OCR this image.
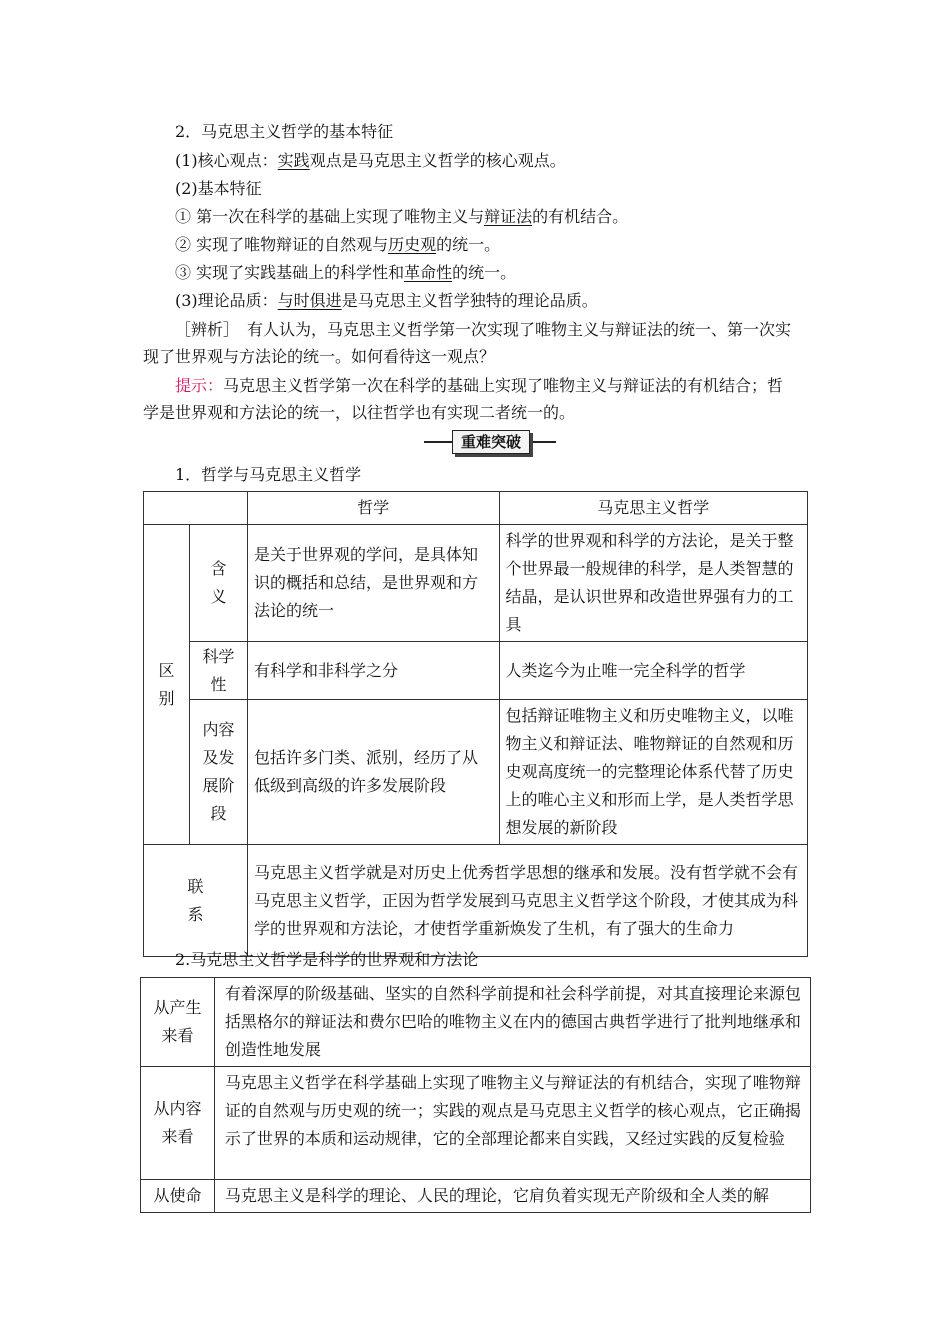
2．马克思主义哲学的基本特征
(1)核心观点：实践观点是马克思主义哲学的核心观点。
(2)基本特征
① 第一次在科学的基础上实现了唯物主义与辩证法的有机结合。
② 实现了唯物辩证的自然观与历史观的统一。
③ 实现了实践基础上的科学性和革命性的统一。
(3)理论品质：与时俱进是马克思主义哲学独特的理论品质。
［辨析］　有人认为，马克思主义哲学第一次实现了唯物主义与辩证法的统一、第一次实
现了世界观与方法论的统一。如何看待这一观点？
提示：马克思主义哲学第一次在科学的基础上实现了唯物主义与辩证法的有机结合；哲
学是世界观和方法论的统一，以往哲学也有实现二者统一的。
重难突破
1．哲学与马克思主义哲学
		哲学	马克思主义哲学
区别	含义	是关于世界观的学问，是具体知识的概括和总结，是世界观和方法论的统一	科学的世界观和科学的方法论，是关于整个世界最一般规律的科学，是人类智慧的结晶，是认识世界和改造世界强有力的工具
	科学性	有科学和非科学之分	人类迄今为止唯一完全科学的哲学
	内容及发展阶段	包括许多门类、派别，经历了从低级到高级的许多发展阶段	包括辩证唯物主义和历史唯物主义，以唯物主义和辩证法、唯物辩证的自然观和历史观高度统一的完整理论体系代替了历史上的唯心主义和形而上学，是人类哲学思想发展的新阶段
联系		马克思主义哲学就是对历史上优秀哲学思想的继承和发展。没有哲学就不会有马克思主义哲学，正因为哲学发展到马克思主义哲学这个阶段，才使其成为科学的世界观和方法论，才使哲学重新焕发了生机，有了强大的生命力	
2.马克思主义哲学是科学的世界观和方法论
从产生来看	有着深厚的阶级基础、坚实的自然科学前提和社会科学前提，对其直接理论来源包括黑格尔的辩证法和费尔巴哈的唯物主义在内的德国古典哲学进行了批判地继承和创造性地发展
从内容来看	马克思主义哲学在科学基础上实现了唯物主义与辩证法的有机结合，实现了唯物辩证的自然观与历史观的统一；实践的观点是马克思主义哲学的核心观点，它正确揭示了世界的本质和运动规律，它的全部理论都来自实践，又经过实践的反复检验
从使命	马克思主义是科学的理论、人民的理论，它肩负着实现无产阶级和全人类的解
